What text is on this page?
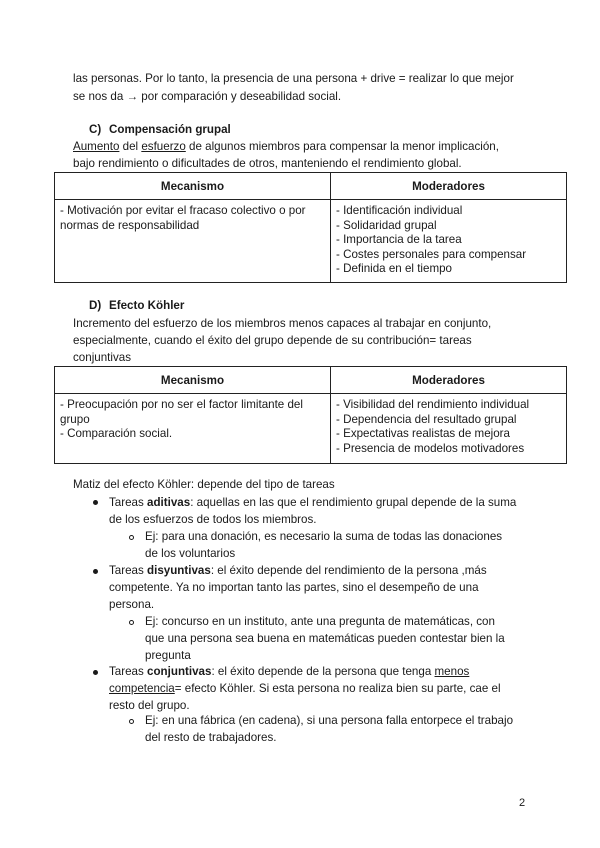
las personas. Por lo tanto, la presencia de una persona + drive = realizar lo que mejor
se nos da → por comparación y deseabilidad social.

C) Compensación grupal

Aumento del esfuerzo de algunos miembros para compensar la menor implicación,
bajo rendimiento o dificultades de otros, manteniendo el rendimiento global.

Mecanismo	Moderadores

- Motivación por evitar el fracaso colectivo o por normas de responsabilidad	- Identificación individual
- Solidaridad grupal
- Importancia de la tarea
- Costes personales para compensar
- Definida en el tiempo

D) Efecto Köhler

Incremento del esfuerzo de los miembros menos capaces al trabajar en conjunto,
especialmente, cuando el éxito del grupo depende de su contribución= tareas
conjuntivas

Mecanismo	Moderadores

- Preocupación por no ser el factor limitante del grupo
- Comparación social.	- Visibilidad del rendimiento individual
- Dependencia del resultado grupal
- Expectativas realistas de mejora
- Presencia de modelos motivadores

Matiz del efecto Köhler: depende del tipo de tareas

Tareas aditivas: aquellas en las que el rendimiento grupal depende de la suma
de los esfuerzos de todos los miembros.

Ej: para una donación, es necesario la suma de todas las donaciones
de los voluntarios

Tareas disyuntivas: el éxito depende del rendimiento de la persona ,más
competente. Ya no importan tanto las partes, sino el desempeño de una
persona.

Ej: concurso en un instituto, ante una pregunta de matemáticas, con
que una persona sea buena en matemáticas pueden contestar bien la
pregunta

Tareas conjuntivas: el éxito depende de la persona que tenga menos
competencia= efecto Köhler. Si esta persona no realiza bien su parte, cae el
resto del grupo.

Ej: en una fábrica (en cadena), si una persona falla entorpece el trabajo
del resto de trabajadores.

2
